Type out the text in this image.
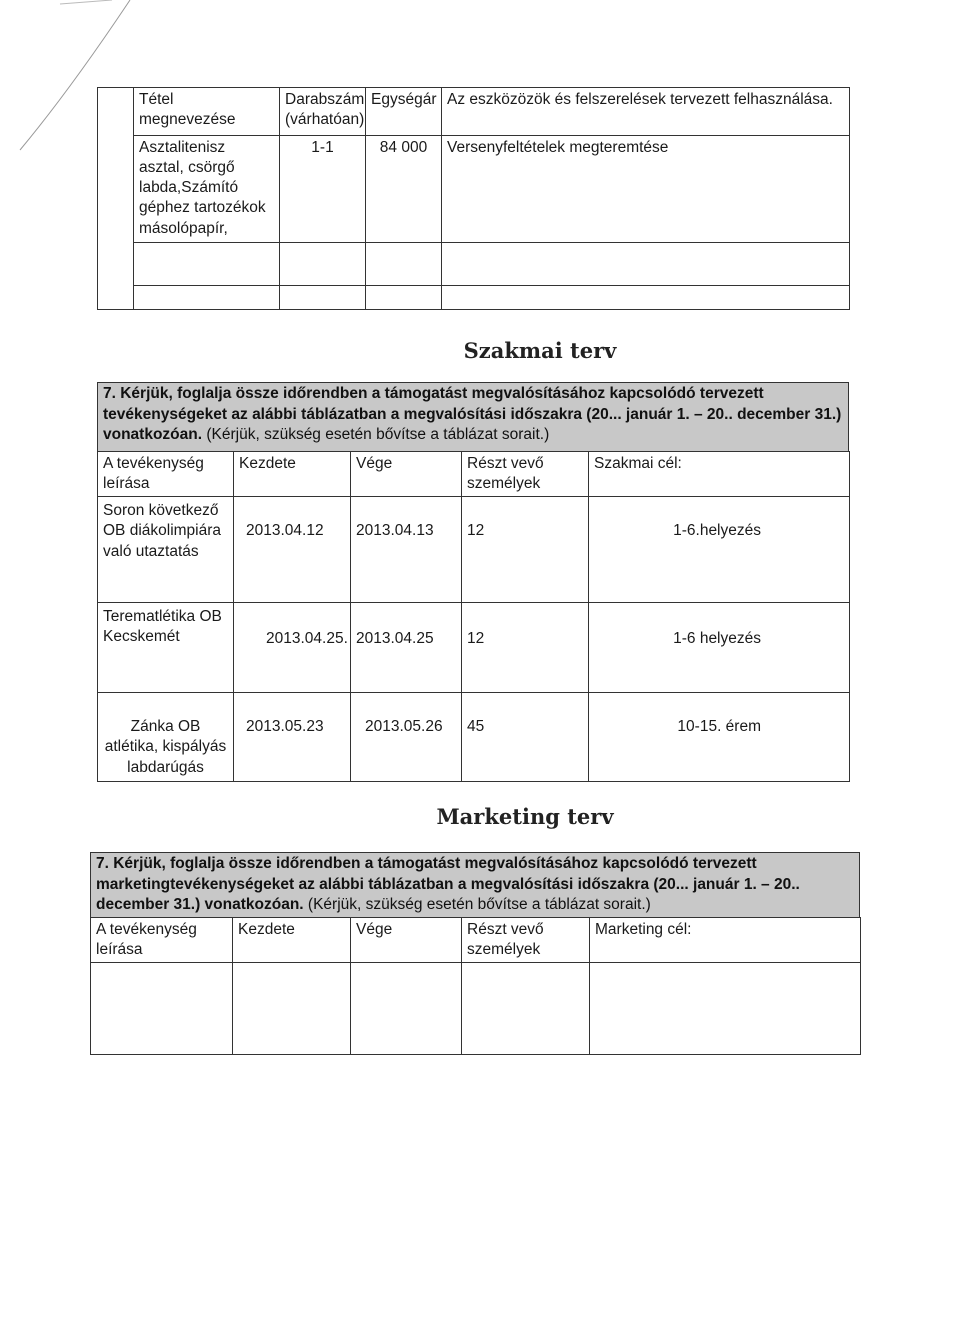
	Tétel megnevezése	Darabszám (várhatóan)	Egységár	Az eszközözök és felszerelések tervezett felhasználása.
	Asztalitenisz asztal, csörgő labda,Számító géphez tartozékok másolópapír,	1-1	84 000	Versenyfeltételek megteremtése

Szakmai terv
7. Kérjük, foglalja össze időrendben a támogatást megvalósításához kapcsolódó tervezett tevékenységeket az alábbi táblázatban a megvalósítási időszakra (20... január 1. – 20.. december 31.) vonatkozóan. (Kérjük, szükség esetén bővítse a táblázat sorait.)
A tevékenység leírása	Kezdete	Vége	Részt vevő személyek	Szakmai cél:
Soron következő OB diákolimpiára való utaztatás	2013.04.12	2013.04.13	12	1-6.helyezés
Terematlétika OB Kecskemét	2013.04.25.	2013.04.25	12	1-6 helyezés
Zánka OB atlétika, kispályás labdarúgás	2013.05.23	2013.05.26	45	10-15. érem
Marketing terv
7. Kérjük, foglalja össze időrendben a támogatást megvalósításához kapcsolódó tervezett marketingtevékenységeket az alábbi táblázatban a megvalósítási időszakra (20... január 1. – 20.. december 31.) vonatkozóan. (Kérjük, szükség esetén bővítse a táblázat sorait.)
A tevékenység leírása	Kezdete	Vége	Részt vevő személyek	Marketing cél:
